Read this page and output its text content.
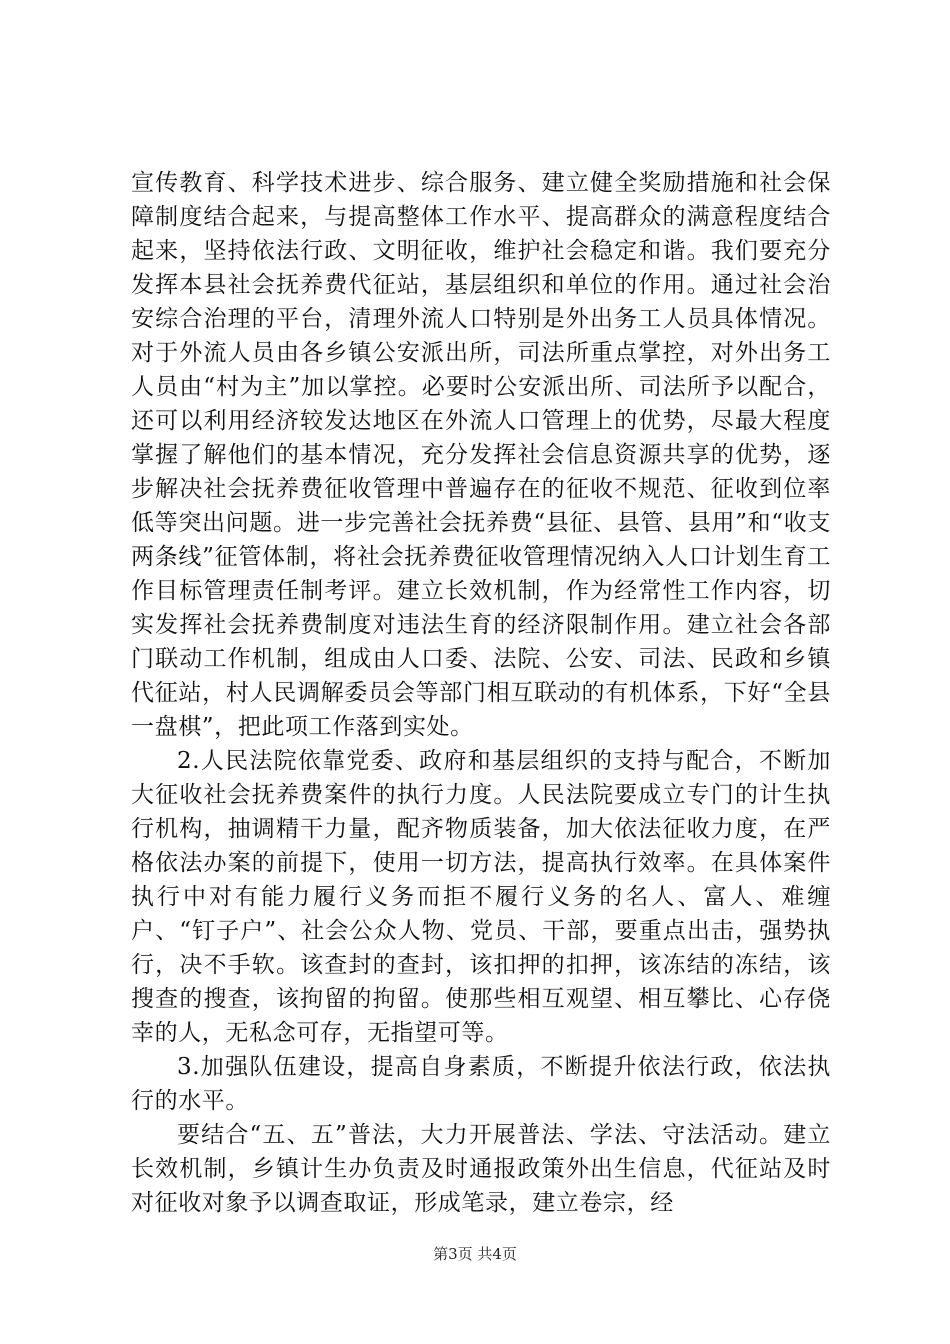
宣传教育、科学技术进步、综合服务、建立健全奖励措施和社会保障制度结合起来，与提高整体工作水平、提高群众的满意程度结合起来，坚持依法行政、文明征收，维护社会稳定和谐。我们要充分发挥本县社会抚养费代征站，基层组织和单位的作用。通过社会治安综合治理的平台，清理外流人口特别是外出务工人员具体情况。对于外流人员由各乡镇公安派出所，司法所重点掌控，对外出务工人员由“村为主”加以掌控。必要时公安派出所、司法所予以配合，还可以利用经济较发达地区在外流人口管理上的优势，尽最大程度掌握了解他们的基本情况，充分发挥社会信息资源共享的优势，逐步解决社会抚养费征收管理中普遍存在的征收不规范、征收到位率低等突出问题。进一步完善社会抚养费“县征、县管、县用”和“收支两条线”征管体制，将社会抚养费征收管理情况纳入人口计划生育工作目标管理责任制考评。建立长效机制，作为经常性工作内容，切实发挥社会抚养费制度对违法生育的经济限制作用。建立社会各部门联动工作机制，组成由人口委、法院、公安、司法、民政和乡镇代征站，村人民调解委员会等部门相互联动的有机体系，下好“全县一盘棋”，把此项工作落到实处。

2.人民法院依靠党委、政府和基层组织的支持与配合，不断加大征收社会抚养费案件的执行力度。人民法院要成立专门的计生执行机构，抽调精干力量，配齐物质装备，加大依法征收力度，在严格依法办案的前提下，使用一切方法，提高执行效率。在具体案件执行中对有能力履行义务而拒不履行义务的名人、富人、难缠户、“钉子户”、社会公众人物、党员、干部，要重点出击，强势执行，决不手软。该查封的查封，该扣押的扣押，该冻结的冻结，该搜查的搜查，该拘留的拘留。使那些相互观望、相互攀比、心存侥幸的人，无私念可存，无指望可等。

3.加强队伍建设，提高自身素质，不断提升依法行政，依法执行的水平。

要结合“五、五”普法，大力开展普法、学法、守法活动。建立长效机制，乡镇计生办负责及时通报政策外出生信息，代征站及时对征收对象予以调查取证，形成笔录，建立卷宗，经

第3页 共4页
